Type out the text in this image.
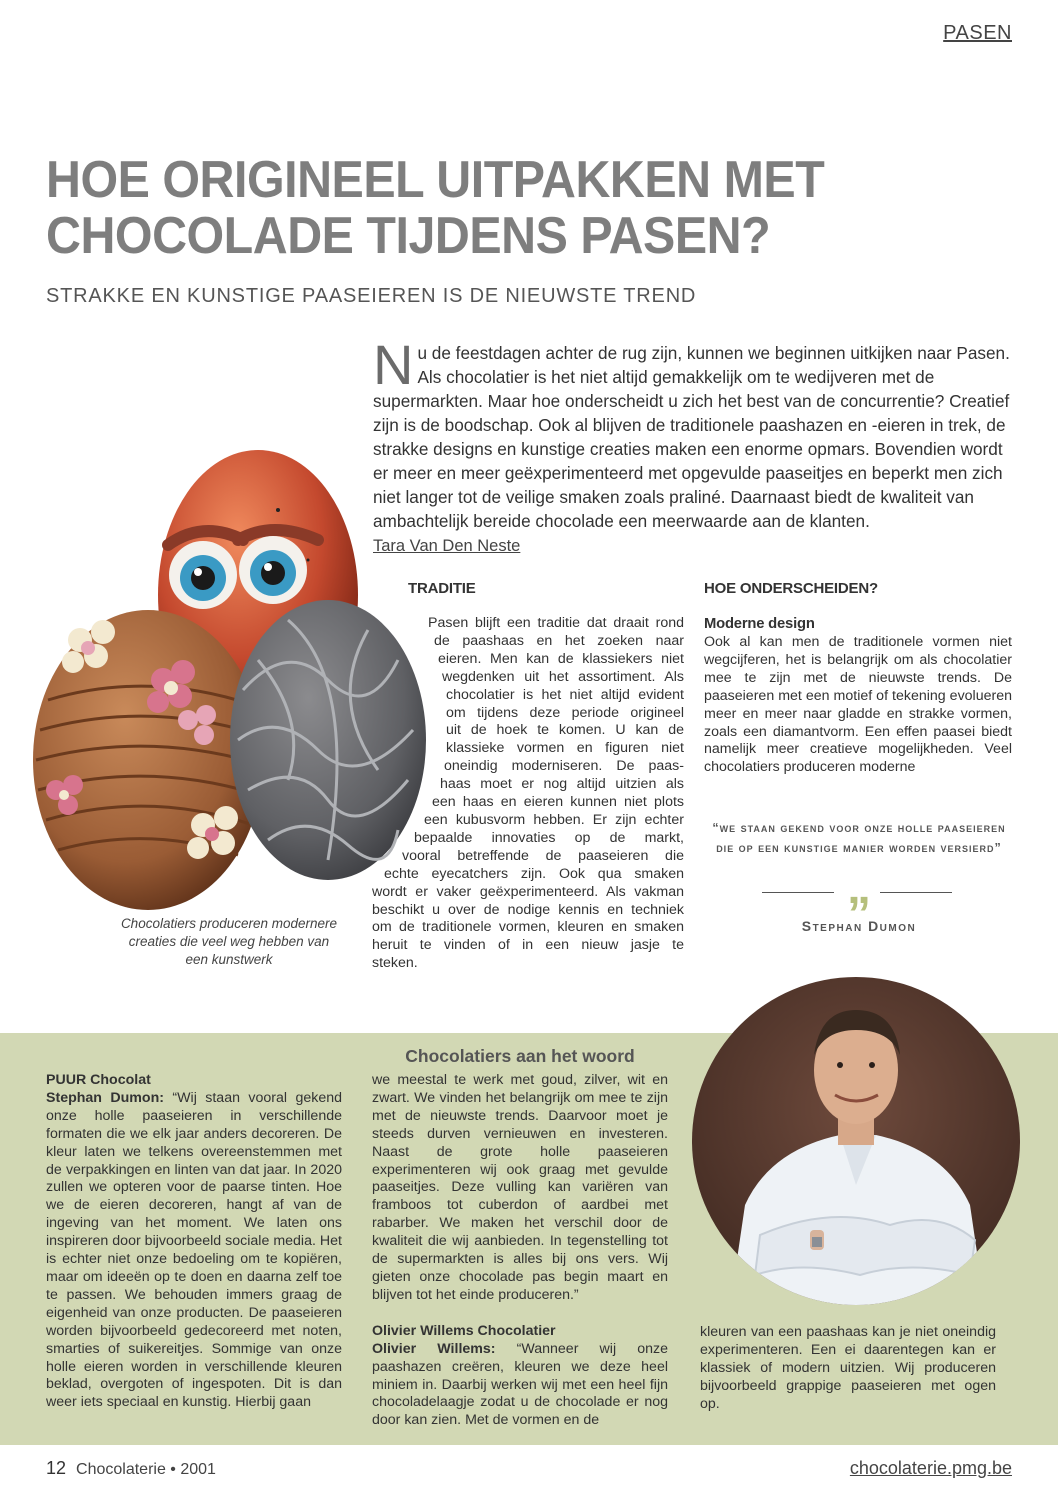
PASEN
HOE ORIGINEEL UITPAKKEN MET
CHOCOLADE TIJDENS PASEN?
STRAKKE EN KUNSTIGE PAASEIEREN IS DE NIEUWSTE TREND
N u de feestdagen achter de rug zijn, kunnen we beginnen uitkijken naar Pasen.
Als chocolatier is het niet altijd gemakkelijk om te wedijveren met de supermarkten. Maar hoe onderscheidt u zich het best van de concurrentie? Creatief zijn is de boodschap. Ook al blijven de traditionele paashazen en -eieren in trek, de strakke designs en kunstige creaties maken een enorme opmars. Bovendien wordt er meer en meer geëxperimenteerd met opgevulde paaseitjes en beperkt men zich niet langer tot de veilige smaken zoals praliné. Daarnaast biedt de kwaliteit van ambachtelijk bereide chocolade een meerwaarde aan de klanten.
Tara Van Den Neste
Chocolatiers produceren modernere creaties die veel weg hebben van een kunstwerk
TRADITIE
Pasen blijft een traditie dat draait rond
de paashaas en het zoeken naar
eieren. Men kan de klassiekers niet
wegdenken uit het assortiment. Als
chocolatier is het niet altijd evident
om tijdens deze periode origineel
uit de hoek te komen. U kan de
klassieke vormen en figuren niet
oneindig moderniseren. De paas-
haas moet er nog altijd uitzien als
een haas en eieren kunnen niet plots
een kubusvorm hebben. Er zijn echter
bepaalde innovaties op de markt,
vooral betreffende de paaseieren die
echte eyecatchers zijn. Ook qua smaken
wordt er vaker geëxperimenteerd. Als vakman
beschikt u over de nodige kennis en techniek
om de traditionele vormen, kleuren en smaken
heruit te vinden of in een nieuw jasje te
steken.
HOE ONDERSCHEIDEN?
Moderne design

Ook al kan men de traditionele vormen niet wegcijferen, het is belangrijk om als chocolatier mee te zijn met de nieuwste trends. De paaseieren met een motief of tekening evolueren meer en meer naar gladde en strakke vormen, zoals een diamantvorm. Een effen paasei biedt namelijk meer creatieve mogelijkheden. Veel chocolatiers produceren moderne

“we staan gekend voor onze holle paaseieren die op een kunstige manier worden versierd”
„
Stephan Dumon
Chocolatiers aan het woord
PUUR Chocolat

Stephan Dumon: “Wij staan vooral gekend onze holle paaseieren in verschillende formaten die we elk jaar anders decoreren. De kleur laten we telkens overeenstemmen met de verpakkingen en linten van dat jaar. In 2020 zullen we opteren voor de paarse tinten. Hoe we de eieren decoreren, hangt af van de ingeving van het moment. We laten ons inspireren door bijvoorbeeld sociale media. Het is echter niet onze bedoeling om te kopiëren, maar om ideeën op te doen en daarna zelf toe te passen. We behouden immers graag de eigenheid van onze producten. De paaseieren worden bijvoorbeeld gedecoreerd met noten, smarties of suikereitjes. Sommige van onze holle eieren worden in verschillende kleuren beklad, overgoten of ingespoten. Dit is dan weer iets speciaal en kunstig. Hierbij gaan

we meestal te werk met goud, zilver, wit en zwart. We vinden het belangrijk om mee te zijn met de nieuwste trends. Daarvoor moet je steeds durven vernieuwen en investeren. Naast de grote holle paaseieren experimenteren wij ook graag met gevulde paaseitjes. Deze vulling kan variëren van framboos tot cuberdon of aardbei met rabarber. We maken het verschil door de kwaliteit die wij aanbieden. In tegenstelling tot de supermarkten is alles bij ons vers. Wij gieten onze chocolade pas begin maart en blijven tot het einde produceren.”

Olivier Willems Chocolatier

Olivier Willems: “Wanneer wij onze paashazen creëren, kleuren we deze heel miniem in. Daarbij werken wij met een heel fijn chocoladelaagje zodat u de chocolade er nog door kan zien. Met de vormen en de

kleuren van een paashaas kan je niet oneindig experimenteren. Een ei daarentegen kan er klassiek of modern uitzien. Wij produceren bijvoorbeeld grappige paaseieren met ogen op.

12 Chocolaterie • 2001	chocolaterie.pmg.be
